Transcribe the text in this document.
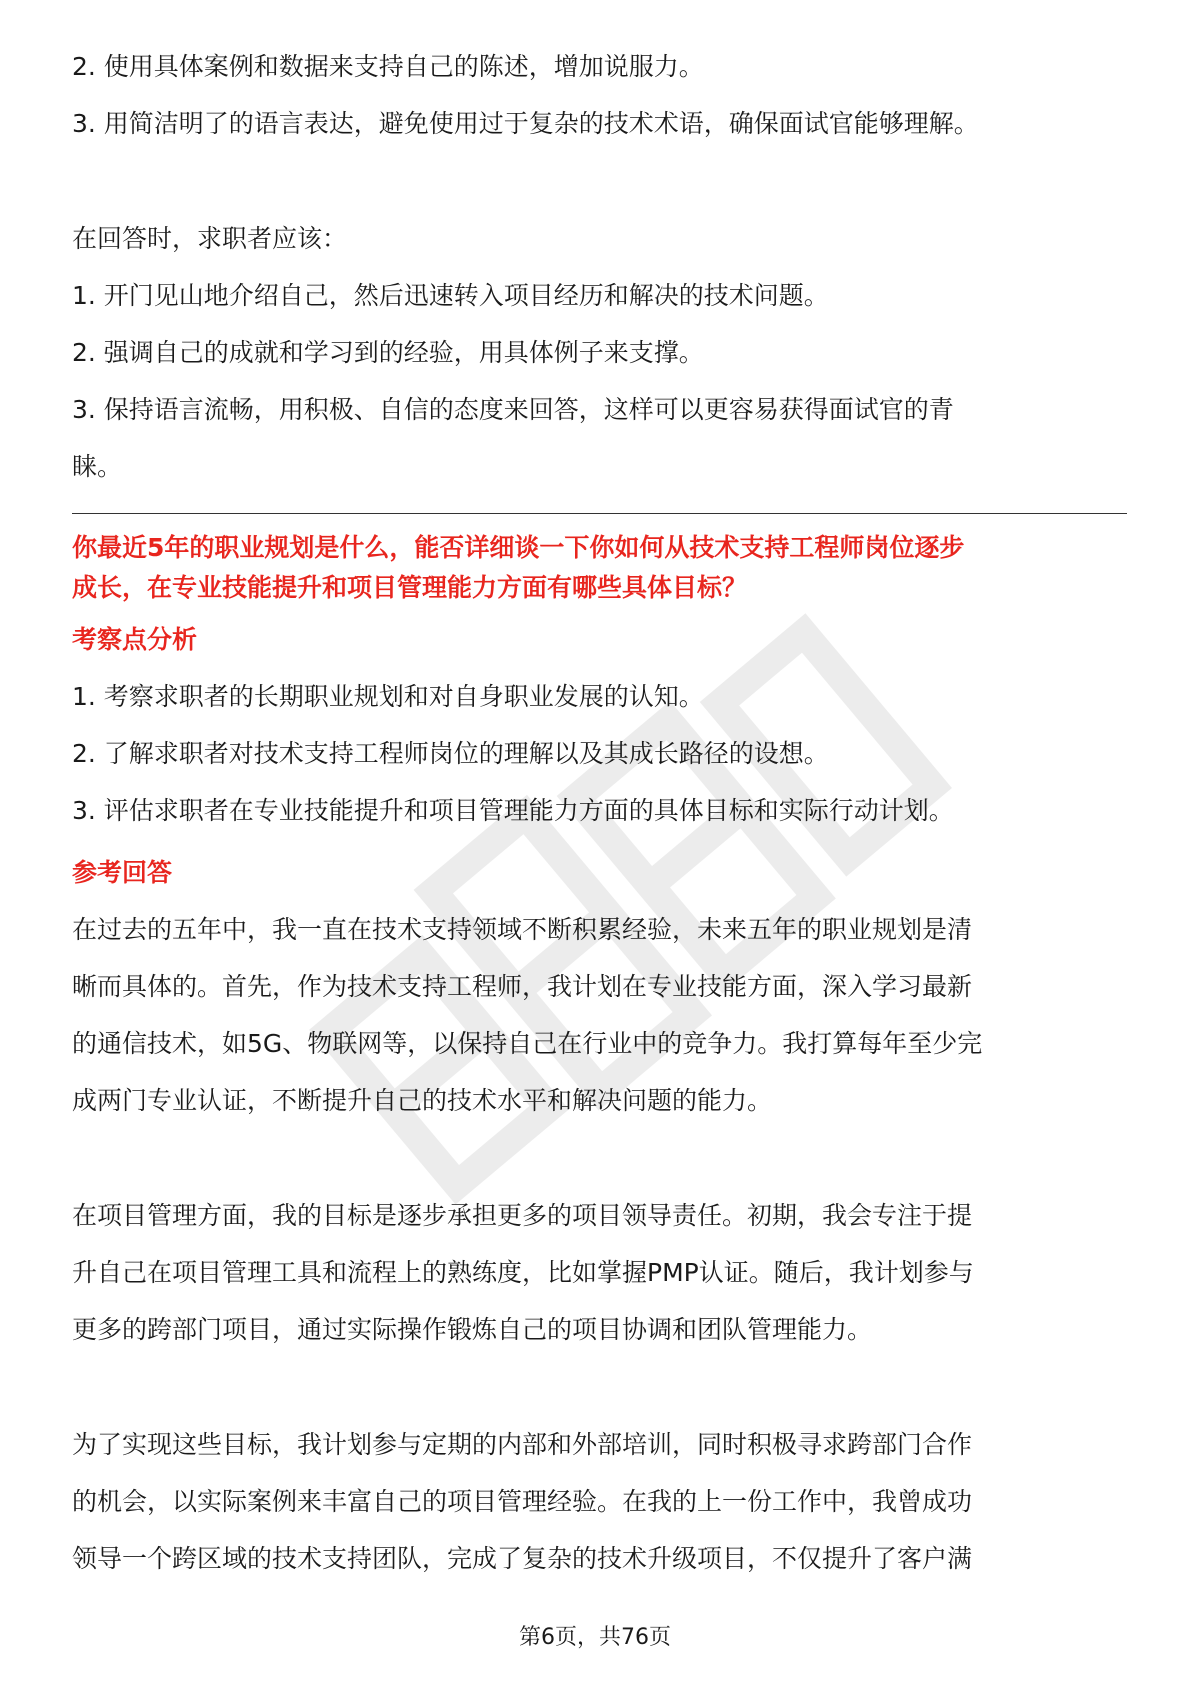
2. 使用具体案例和数据来支持自己的陈述，增加说服力。

3. 用简洁明了的语言表达，避免使用过于复杂的技术术语，确保面试官能够理解。

在回答时，求职者应该：

1. 开门见山地介绍自己，然后迅速转入项目经历和解决的技术问题。

2. 强调自己的成就和学习到的经验，用具体例子来支撑。

3. 保持语言流畅，用积极、自信的态度来回答，这样可以更容易获得面试官的青

睐。

你最近5年的职业规划是什么，能否详细谈一下你如何从技术支持工程师岗位逐步

成长，在专业技能提升和项目管理能力方面有哪些具体目标？

考察点分析

1. 考察求职者的长期职业规划和对自身职业发展的认知。

2. 了解求职者对技术支持工程师岗位的理解以及其成长路径的设想。

3. 评估求职者在专业技能提升和项目管理能力方面的具体目标和实际行动计划。

参考回答

在过去的五年中，我一直在技术支持领域不断积累经验，未来五年的职业规划是清

晰而具体的。首先，作为技术支持工程师，我计划在专业技能方面，深入学习最新

的通信技术，如5G、物联网等，以保持自己在行业中的竞争力。我打算每年至少完

成两门专业认证，不断提升自己的技术水平和解决问题的能力。

在项目管理方面，我的目标是逐步承担更多的项目领导责任。初期，我会专注于提

升自己在项目管理工具和流程上的熟练度，比如掌握PMP认证。随后，我计划参与

更多的跨部门项目，通过实际操作锻炼自己的项目协调和团队管理能力。

为了实现这些目标，我计划参与定期的内部和外部培训，同时积极寻求跨部门合作

的机会，以实际案例来丰富自己的项目管理经验。在我的上一份工作中，我曾成功

领导一个跨区域的技术支持团队，完成了复杂的技术升级项目，不仅提升了客户满

第6页，共76页
